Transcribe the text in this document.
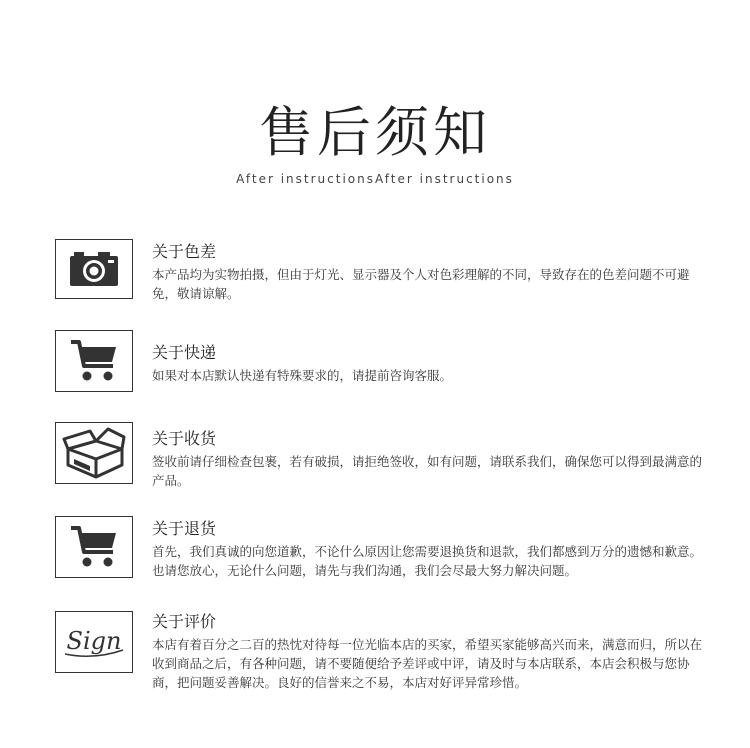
售后须知
After instructionsAfter instructions
关于色差
本产品均为实物拍摄，但由于灯光、显示器及个人对色彩理解的不同，导致存在的色差问题不可避免，敬请谅解。
关于快递
如果对本店默认快递有特殊要求的，请提前咨询客服。
关于收货
签收前请仔细检查包裹，若有破损，请拒绝签收，如有问题，请联系我们，确保您可以得到最满意的产品。
关于退货
首先，我们真诚的向您道歉，不论什么原因让您需要退换货和退款，我们都感到万分的遗憾和歉意。也请您放心，无论什么问题，请先与我们沟通，我们会尽最大努力解决问题。
Sign
关于评价
本店有着百分之二百的热忱对待每一位光临本店的买家，希望买家能够高兴而来，满意而归，所以在收到商品之后，有各种问题，请不要随便给予差评或中评，请及时与本店联系，本店会积极与您协商，把问题妥善解决。良好的信誉来之不易，本店对好评异常珍惜。
